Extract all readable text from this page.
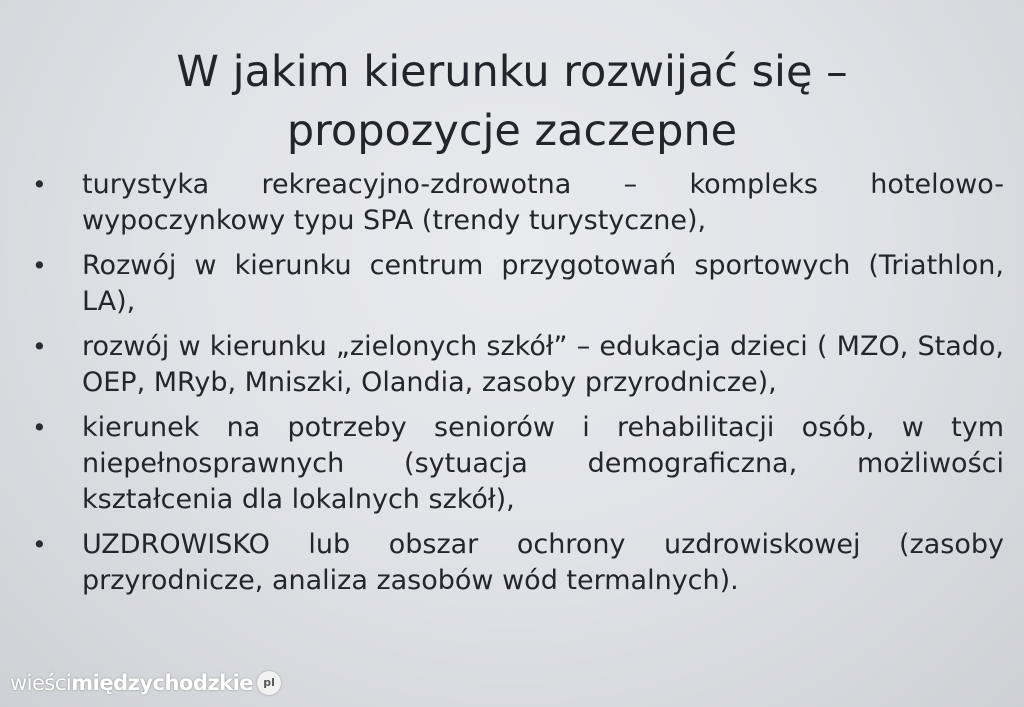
W jakim kierunku rozwijać się –
propozycje zaczepne
•	turystyka rekreacyjno-zdrowotna – kompleks hotelowo-wypoczynkowy typu SPA (trendy turystyczne),

•	Rozwój w kierunku centrum przygotowań sportowych (Triathlon, LA),

•	rozwój w kierunku „zielonych szkół” – edukacja dzieci ( MZO, Stado, OEP, MRyb, Mniszki, Olandia, zasoby przyrodnicze),

•	kierunek na potrzeby seniorów i rehabilitacji osób, w tym niepełnosprawnych (sytuacja demograficzna, możliwości kształcenia dla lokalnych szkół),

•	UZDROWISKO lub obszar ochrony uzdrowiskowej (zasoby przyrodnicze, analiza zasobów wód termalnych).

wieści międzychodzkie pl
